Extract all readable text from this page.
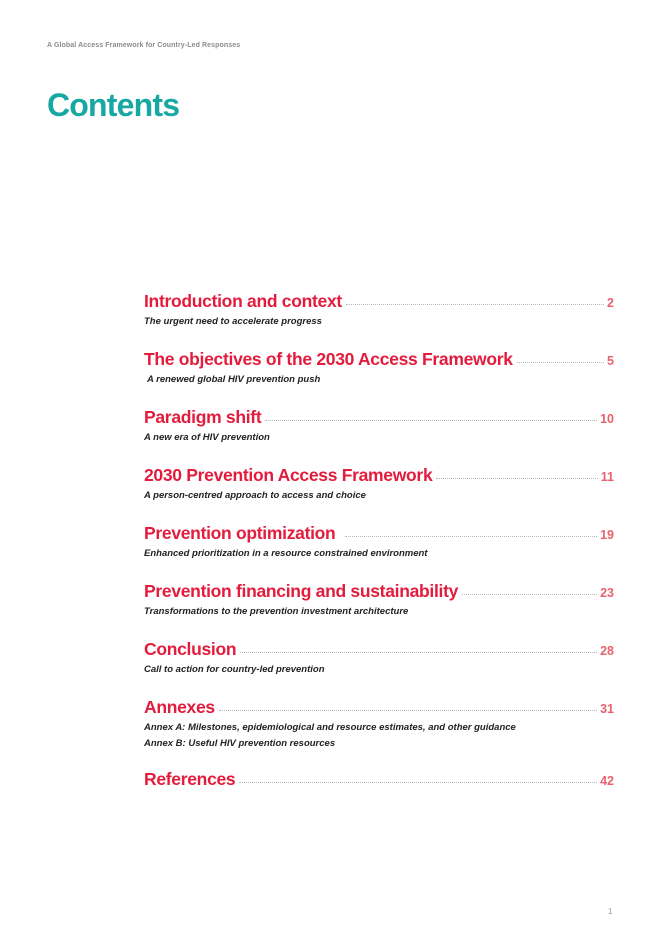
A Global Access Framework for Country-Led Responses
Contents
Introduction and context	2
The urgent need to accelerate progress
The objectives of the 2030 Access Framework	5
A renewed global HIV prevention push
Paradigm shift	10
A new era of HIV prevention
2030 Prevention Access Framework	11
A person-centred approach to access and choice
Prevention optimization	19
Enhanced prioritization in a resource constrained environment
Prevention financing and sustainability	23
Transformations to the prevention investment architecture
Conclusion	28
Call to action for country-led prevention
Annexes	31
Annex A: Milestones, epidemiological and resource estimates, and other guidance
Annex B: Useful HIV prevention resources
References	42
1
